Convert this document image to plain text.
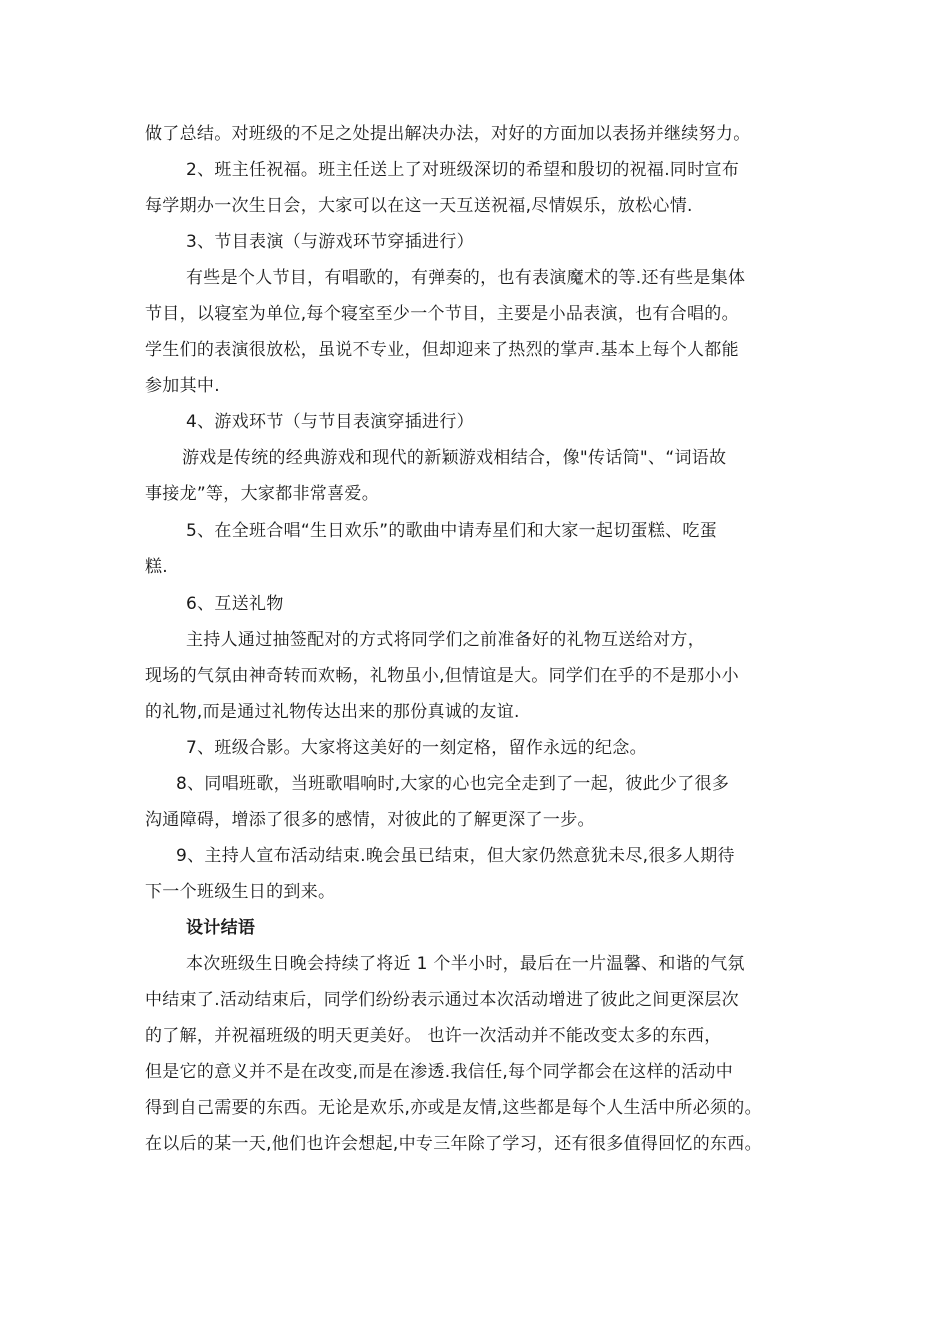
做了总结。对班级的不足之处提出解决办法，对好的方面加以表扬并继续努力。
2、班主任祝福。班主任送上了对班级深切的希望和殷切的祝福.同时宣布
每学期办一次生日会，大家可以在这一天互送祝福,尽情娱乐，放松心情.
3、节目表演（与游戏环节穿插进行）
有些是个人节目，有唱歌的，有弹奏的，也有表演魔术的等.还有些是集体
节目，以寝室为单位,每个寝室至少一个节目，主要是小品表演，也有合唱的。
学生们的表演很放松，虽说不专业，但却迎来了热烈的掌声.基本上每个人都能
参加其中.
4、游戏环节（与节目表演穿插进行）
游戏是传统的经典游戏和现代的新颖游戏相结合，像"传话筒"、“词语故
事接龙”等，大家都非常喜爱。
5、在全班合唱“生日欢乐”的歌曲中请寿星们和大家一起切蛋糕、吃蛋
糕.
6、互送礼物
主持人通过抽签配对的方式将同学们之前准备好的礼物互送给对方，
现场的气氛由神奇转而欢畅，礼物虽小,但情谊是大。同学们在乎的不是那小小
的礼物,而是通过礼物传达出来的那份真诚的友谊.
7、班级合影。大家将这美好的一刻定格，留作永远的纪念。
8、同唱班歌，当班歌唱响时,大家的心也完全走到了一起，彼此少了很多
沟通障碍，增添了很多的感情，对彼此的了解更深了一步。
9、主持人宣布活动结束.晚会虽已结束，但大家仍然意犹未尽,很多人期待
下一个班级生日的到来。
设计结语
本次班级生日晚会持续了将近 1 个半小时，最后在一片温馨、和谐的气氛
中结束了.活动结束后，同学们纷纷表示通过本次活动增进了彼此之间更深层次
的了解，并祝福班级的明天更美好。 也许一次活动并不能改变太多的东西，
但是它的意义并不是在改变,而是在渗透.我信任,每个同学都会在这样的活动中
得到自己需要的东西。无论是欢乐,亦或是友情,这些都是每个人生活中所必须的。
在以后的某一天,他们也许会想起,中专三年除了学习，还有很多值得回忆的东西。
